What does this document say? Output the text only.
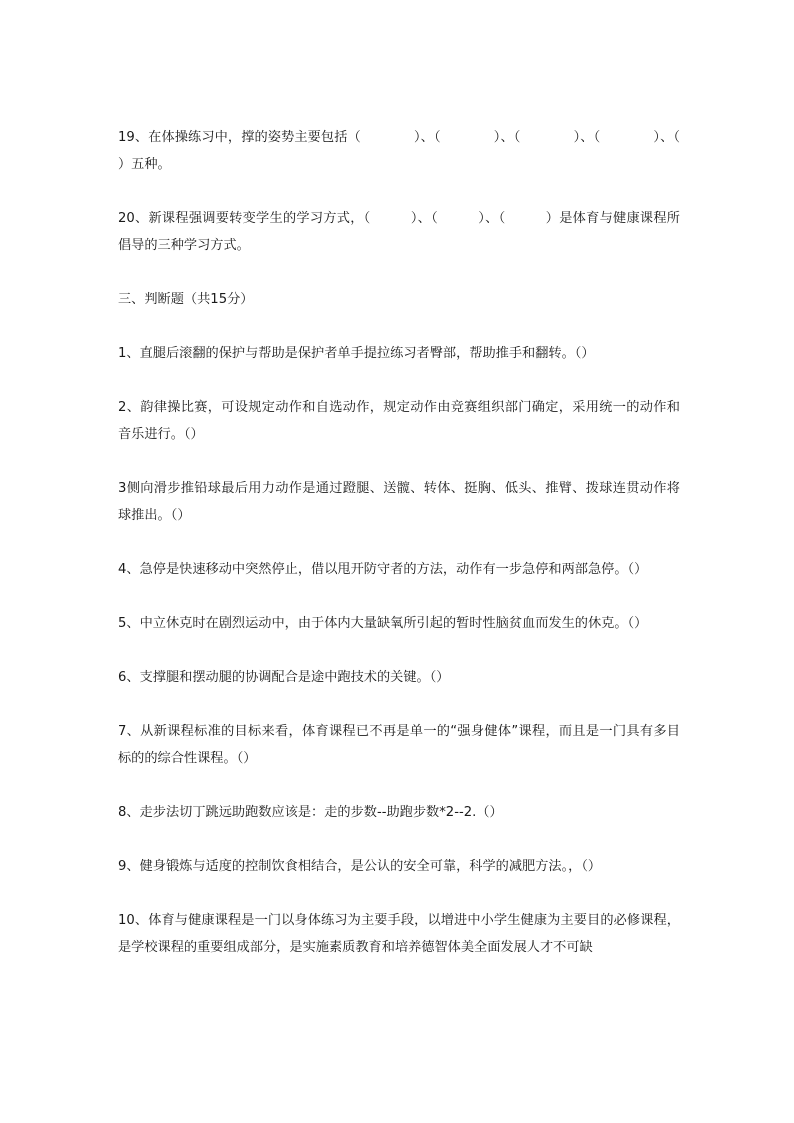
19、在体操练习中，撑的姿势主要包括（　　　　）、（　　　　）、（　　　　）、（　　　　）、（　　　　）五种。

20、新课程强调要转变学生的学习方式，（　　　）、（　　　）、（　　　）是体育与健康课程所倡导的三种学习方式。

三、判断题（共15分）

1、直腿后滚翻的保护与帮助是保护者单手提拉练习者臀部，帮助推手和翻转。（）

2、韵律操比赛，可设规定动作和自选动作，规定动作由竞赛组织部门确定，采用统一的动作和音乐进行。（）

3侧向滑步推铅球最后用力动作是通过蹬腿、送髋、转体、挺胸、低头、推臂、拨球连贯动作将球推出。（）

4、急停是快速移动中突然停止，借以甩开防守者的方法，动作有一步急停和两部急停。（）

5、中立休克时在剧烈运动中，由于体内大量缺氧所引起的暂时性脑贫血而发生的休克。（）

6、支撑腿和摆动腿的协调配合是途中跑技术的关键。（）

7、从新课程标准的目标来看，体育课程已不再是单一的“强身健体”课程，而且是一门具有多目标的的综合性课程。（）

8、走步法切丁跳远助跑数应该是：走的步数--助跑步数*2--2.（）

9、健身锻炼与适度的控制饮食相结合，是公认的安全可靠，科学的减肥方法。，（）

10、体育与健康课程是一门以身体练习为主要手段，以增进中小学生健康为主要目的必修课程，是学校课程的重要组成部分，是实施素质教育和培养德智体美全面发展人才不可缺
